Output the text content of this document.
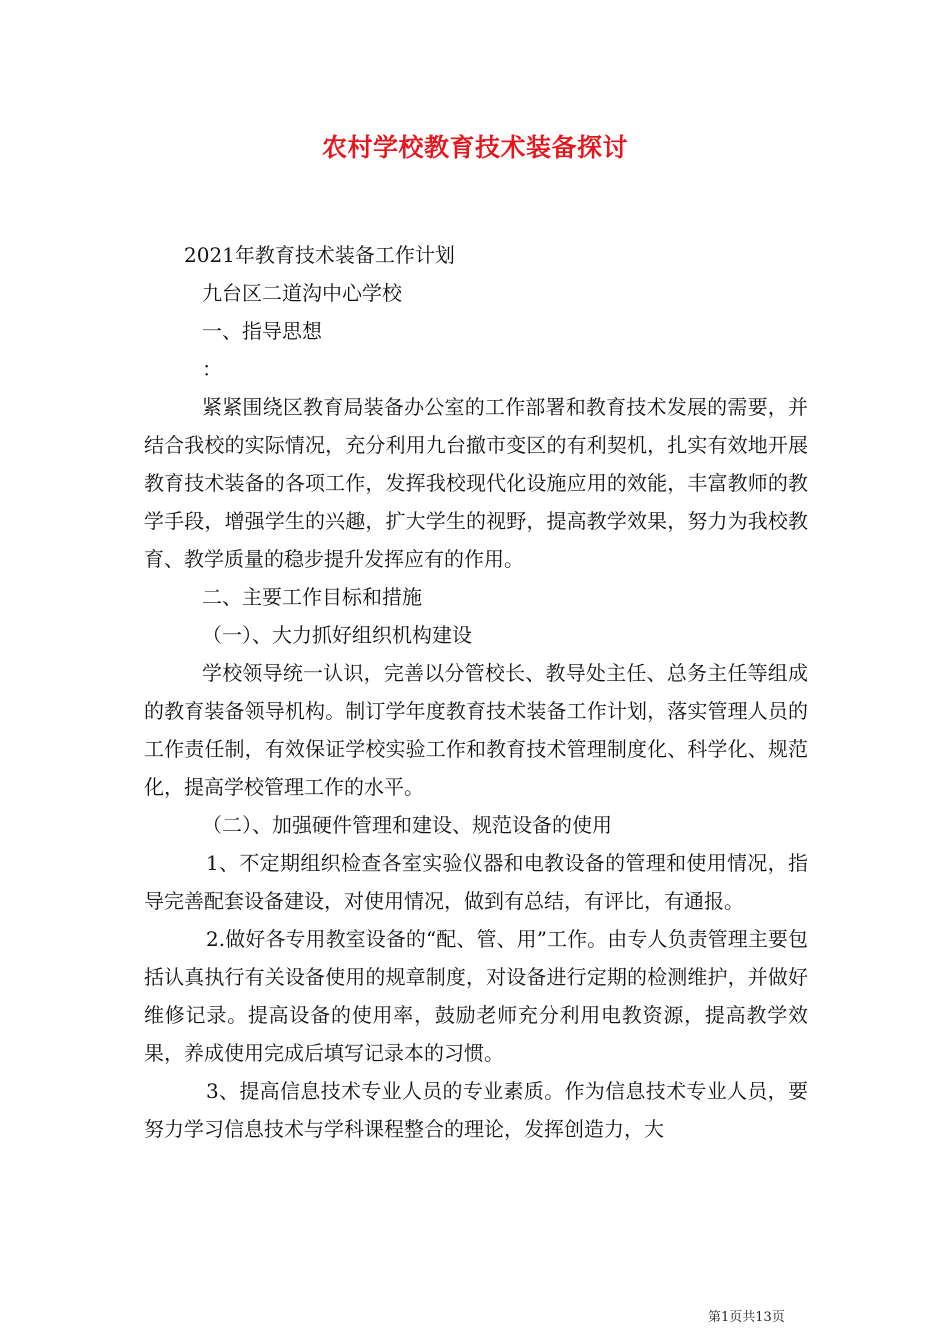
农村学校教育技术装备探讨

2021年教育技术装备工作计划

九台区二道沟中心学校

一、指导思想

：

紧紧围绕区教育局装备办公室的工作部署和教育技术发展的需要，并结合我校的实际情况，充分利用九台撤市变区的有利契机，扎实有效地开展教育技术装备的各项工作，发挥我校现代化设施应用的效能，丰富教师的教学手段，增强学生的兴趣，扩大学生的视野，提高教学效果，努力为我校教育、教学质量的稳步提升发挥应有的作用。

二、主要工作目标和措施

（一）、大力抓好组织机构建设

学校领导统一认识，完善以分管校长、教导处主任、总务主任等组成的教育装备领导机构。制订学年度教育技术装备工作计划，落实管理人员的工作责任制，有效保证学校实验工作和教育技术管理制度化、科学化、规范化，提高学校管理工作的水平。

（二）、加强硬件管理和建设、规范设备的使用

1、不定期组织检查各室实验仪器和电教设备的管理和使用情况，指导完善配套设备建设，对使用情况，做到有总结，有评比，有通报。

2.做好各专用教室设备的“配、管、用”工作。由专人负责管理主要包括认真执行有关设备使用的规章制度，对设备进行定期的检测维护，并做好维修记录。提高设备的使用率，鼓励老师充分利用电教资源，提高教学效果，养成使用完成后填写记录本的习惯。

3、提高信息技术专业人员的专业素质。作为信息技术专业人员，要努力学习信息技术与学科课程整合的理论，发挥创造力，大

第1页共13页
